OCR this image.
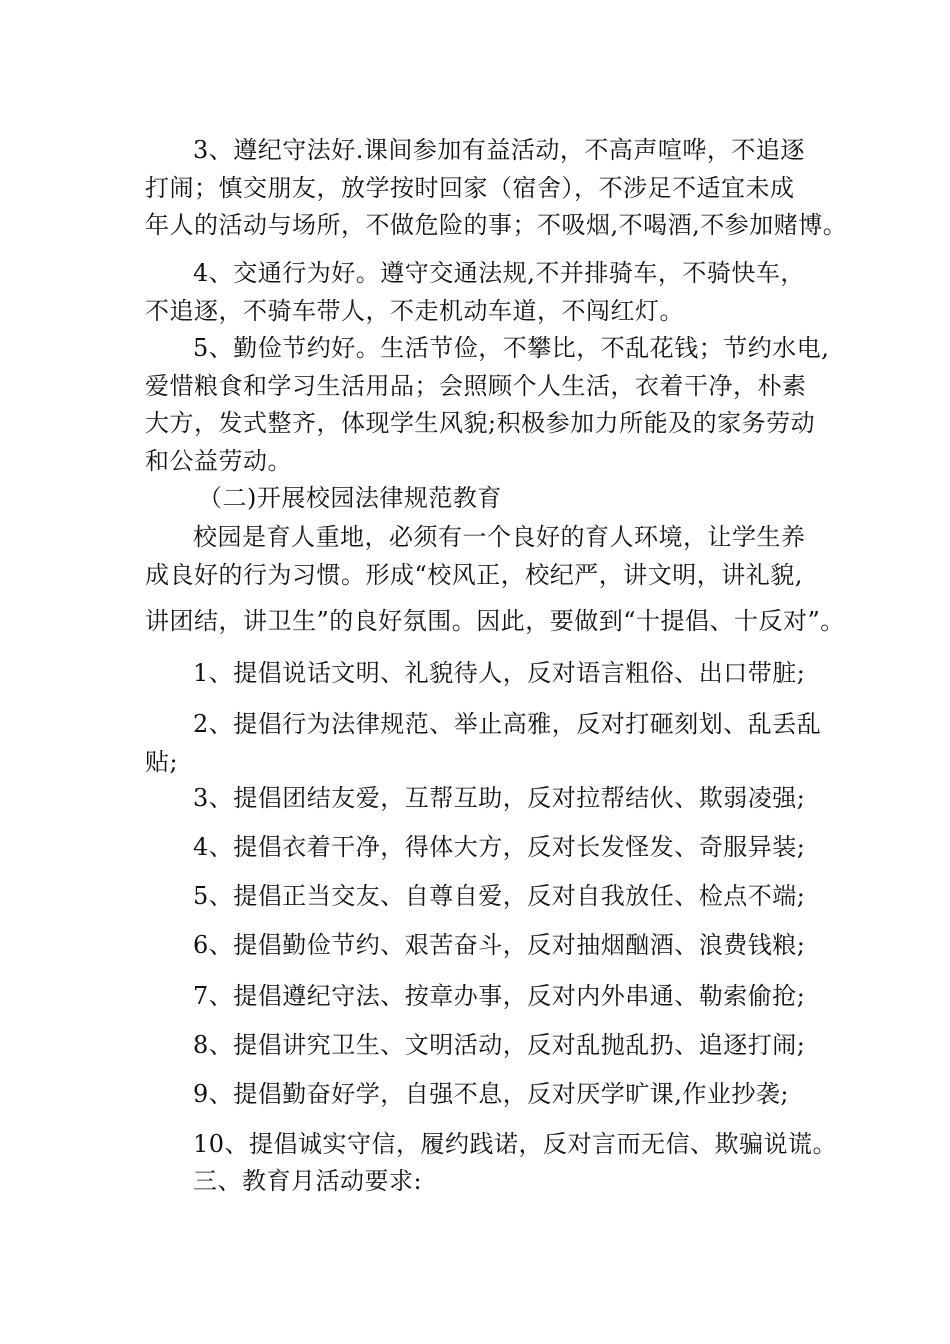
3、遵纪守法好.课间参加有益活动，不高声喧哗，不追逐
打闹；慎交朋友，放学按时回家（宿舍），不涉足不适宜未成
年人的活动与场所，不做危险的事；不吸烟,不喝酒,不参加赌博。
4、交通行为好。遵守交通法规,不并排骑车，不骑快车，
不追逐，不骑车带人，不走机动车道，不闯红灯。
5、勤俭节约好。生活节俭，不攀比，不乱花钱；节约水电,
爱惜粮食和学习生活用品；会照顾个人生活，衣着干净，朴素
大方，发式整齐，体现学生风貌;积极参加力所能及的家务劳动
和公益劳动。
（二)开展校园法律规范教育
校园是育人重地，必须有一个良好的育人环境，让学生养
成良好的行为习惯。形成“校风正，校纪严，讲文明，讲礼貌,
讲团结，讲卫生”的良好氛围。因此，要做到“十提倡、十反对”。
1、提倡说话文明、礼貌待人，反对语言粗俗、出口带脏;
2、提倡行为法律规范、举止高雅，反对打砸刻划、乱丢乱
贴;
3、提倡团结友爱，互帮互助，反对拉帮结伙、欺弱凌强;
4、提倡衣着干净，得体大方，反对长发怪发、奇服异装;
5、提倡正当交友、自尊自爱，反对自我放任、检点不端;
6、提倡勤俭节约、艰苦奋斗，反对抽烟酗酒、浪费钱粮;
7、提倡遵纪守法、按章办事，反对内外串通、勒索偷抢;
8、提倡讲究卫生、文明活动，反对乱抛乱扔、追逐打闹;
9、提倡勤奋好学，自强不息，反对厌学旷课,作业抄袭;
10、提倡诚实守信，履约践诺，反对言而无信、欺骗说谎。
三、教育月活动要求:
